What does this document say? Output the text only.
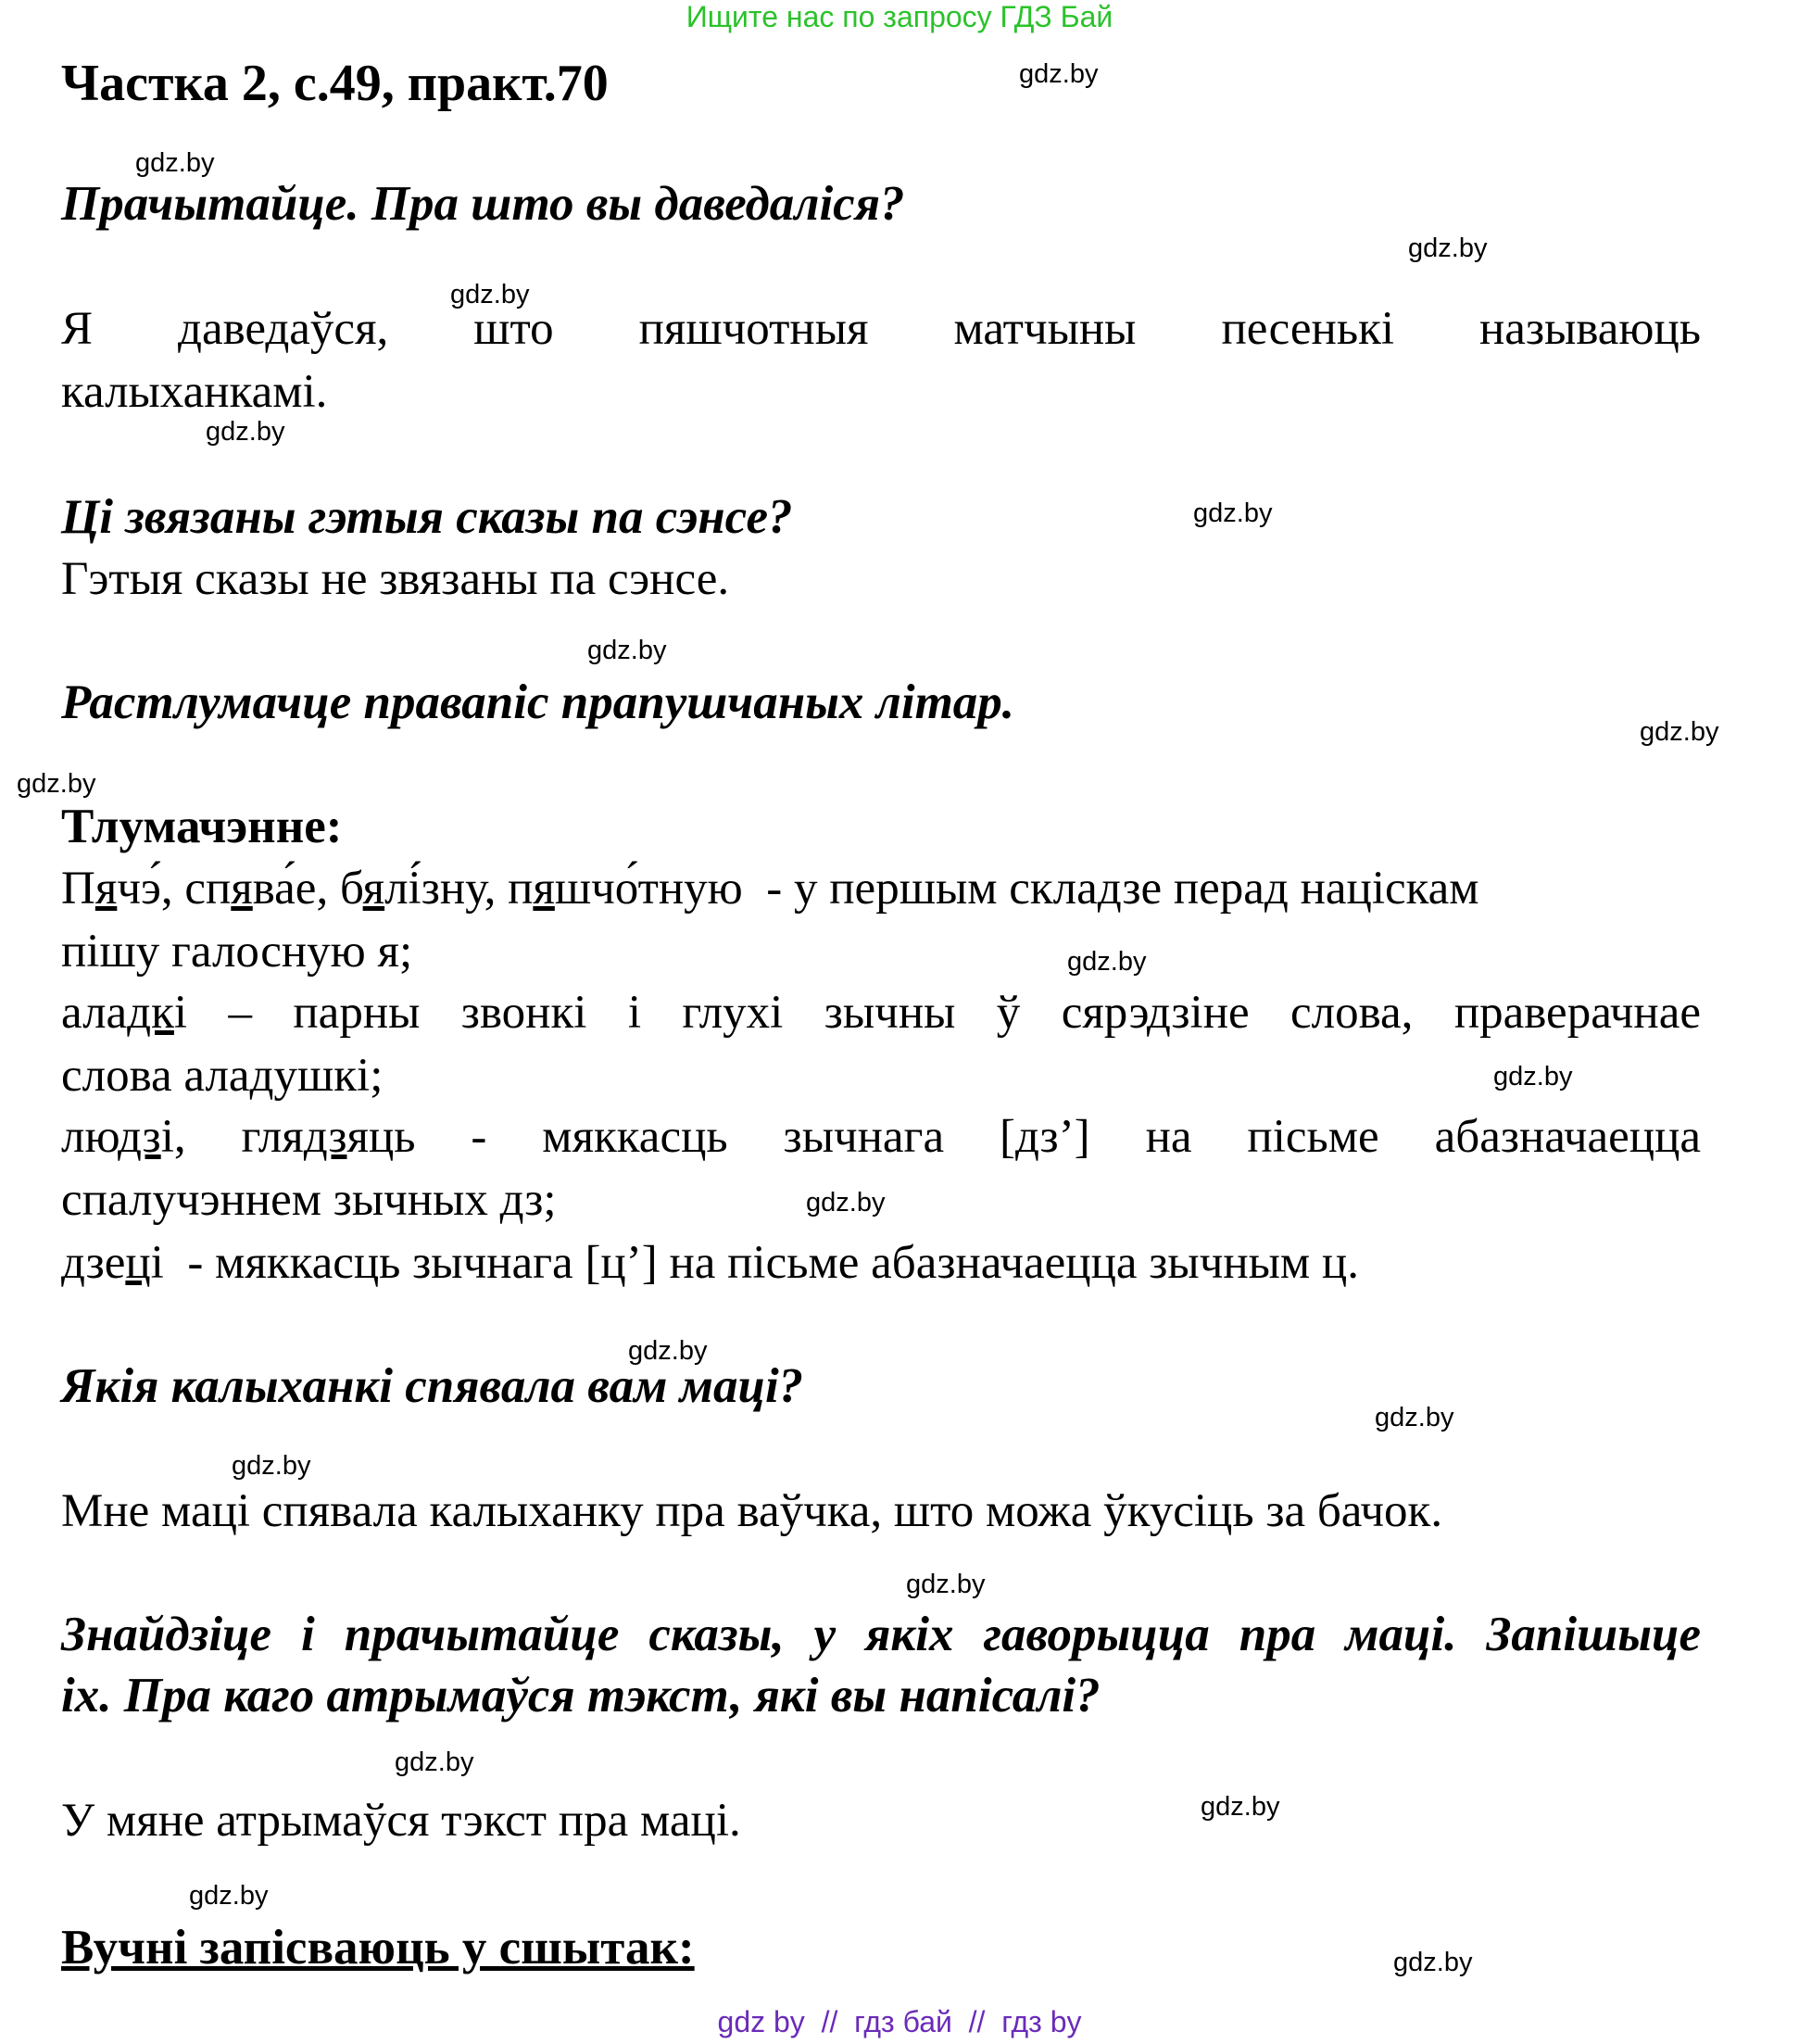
Ищите нас по запросу ГДЗ Бай
Частка 2, с.49, практ.70	gdz.by
gdz.by
gdz.by
gdz.by
gdz.by
gdz.by
gdz.by
gdz.by
gdz.by
gdz.by
gdz.by
gdz.by
gdz.by
gdz.by
gdz.by
gdz.by
gdz.by
gdz.by
gdz.by
gdz.by
Прачытайце. Пра што вы даведаліся?
Я даведаўся, што пяшчотныя матчыны песенькі называюць
калыханкамі.
Ці звязаны гэтыя сказы па сэнсе?
Гэтыя сказы не звязаны па сэнсе.
Растлумачце правапіс прапушчаных літар.
Тлумачэнне:
Пячэ́, спява́е, бялі́зну, пяшчо́тную - у першым складзе перад націскам
пішу галосную я;
аладкі – парны звонкі і глухі зычны ў сярэдзіне слова, праверачнае
слова аладушкі;
людзі, глядзяць - мяккасць зычнага [дз’] на пісьме абазначаецца
спалучэннем зычных дз;
дзеці - мяккасць зычнага [ц’] на пісьме абазначаецца зычным ц.
Якія калыханкі спявала вам маці?
Мне маці спявала калыханку пра ваўчка, што можа ўкусіць за бачок.
Знайдзіце і прачытайце сказы, у якіх гаворыцца пра маці. Запішыце
іх. Пра каго атрымаўся тэкст, які вы напісалі?
У мяне атрымаўся тэкст пра маці.
Вучні запісваюць у сшытак:
gdz by  //  гдз бай  //  гдз by
